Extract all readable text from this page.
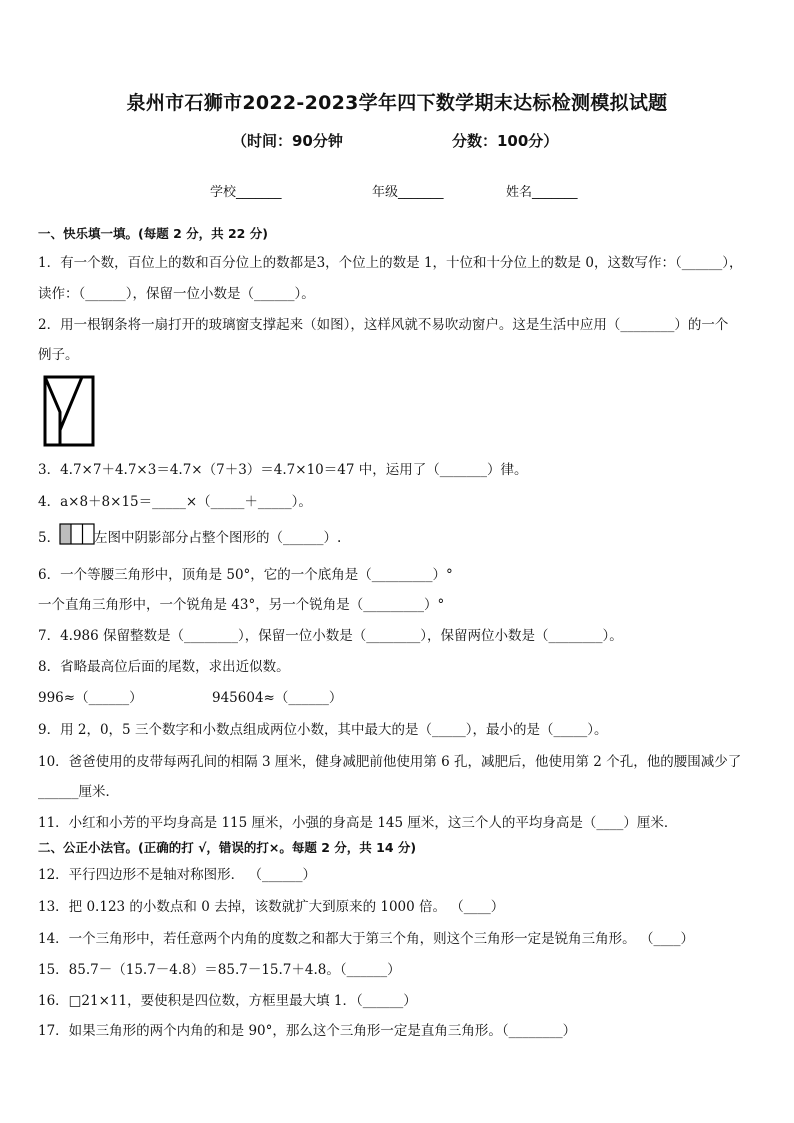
泉州市石狮市2022-2023学年四下数学期末达标检测模拟试题
（时间：90分钟	分数：100分）
学校_______	年级_______	姓名_______
一、快乐填一填。(每题 2 分，共 22 分)
1．有一个数，百位上的数和百分位上的数都是3，个位上的数是 1，十位和十分位上的数是 0，这数写作：（______），
读作：（______），保留一位小数是（______）。
2．用一根钢条将一扇打开的玻璃窗支撑起来（如图），这样风就不易吹动窗户。这是生活中应用（________）的一个
例子。
3．4.7×7＋4.7×3＝4.7×（7＋3）＝4.7×10＝47 中，运用了（_______）律。
4．a×8＋8×15＝_____×（_____＋_____）。
5．	左图中阴影部分占整个图形的（______）.
6．一个等腰三角形中，顶角是 50°，它的一个底角是（_________）°
一个直角三角形中，一个锐角是 43°，另一个锐角是（_________）°
7．4.986 保留整数是（________），保留一位小数是（________），保留两位小数是（________）。
8．省略最高位后面的尾数，求出近似数。
996≈（______）	945604≈（______）
9．用 2，0，5 三个数字和小数点组成两位小数，其中最大的是（_____），最小的是（_____）。
10．爸爸使用的皮带每两孔间的相隔 3 厘米，健身减肥前他使用第 6 孔，减肥后，他使用第 2 个孔，他的腰围减少了
______厘米．
11．小红和小芳的平均身高是 115 厘米，小强的身高是 145 厘米，这三个人的平均身高是（____）厘米．
二、公正小法官。(正确的打 √，错误的打×。每题 2 分，共 14 分)
12．平行四边形不是轴对称图形． （______）
13．把 0.123 的小数点和 0 去掉，该数就扩大到原来的 1000 倍。 （____）
14．一个三角形中，若任意两个内角的度数之和都大于第三个角，则这个三角形一定是锐角三角形。 （____）
15．85.7－（15.7－4.8）＝85.7－15.7＋4.8。（______）
16．□21×11，要使积是四位数，方框里最大填 1．（______）
17．如果三角形的两个内角的和是 90°，那么这个三角形一定是直角三角形。（________）
